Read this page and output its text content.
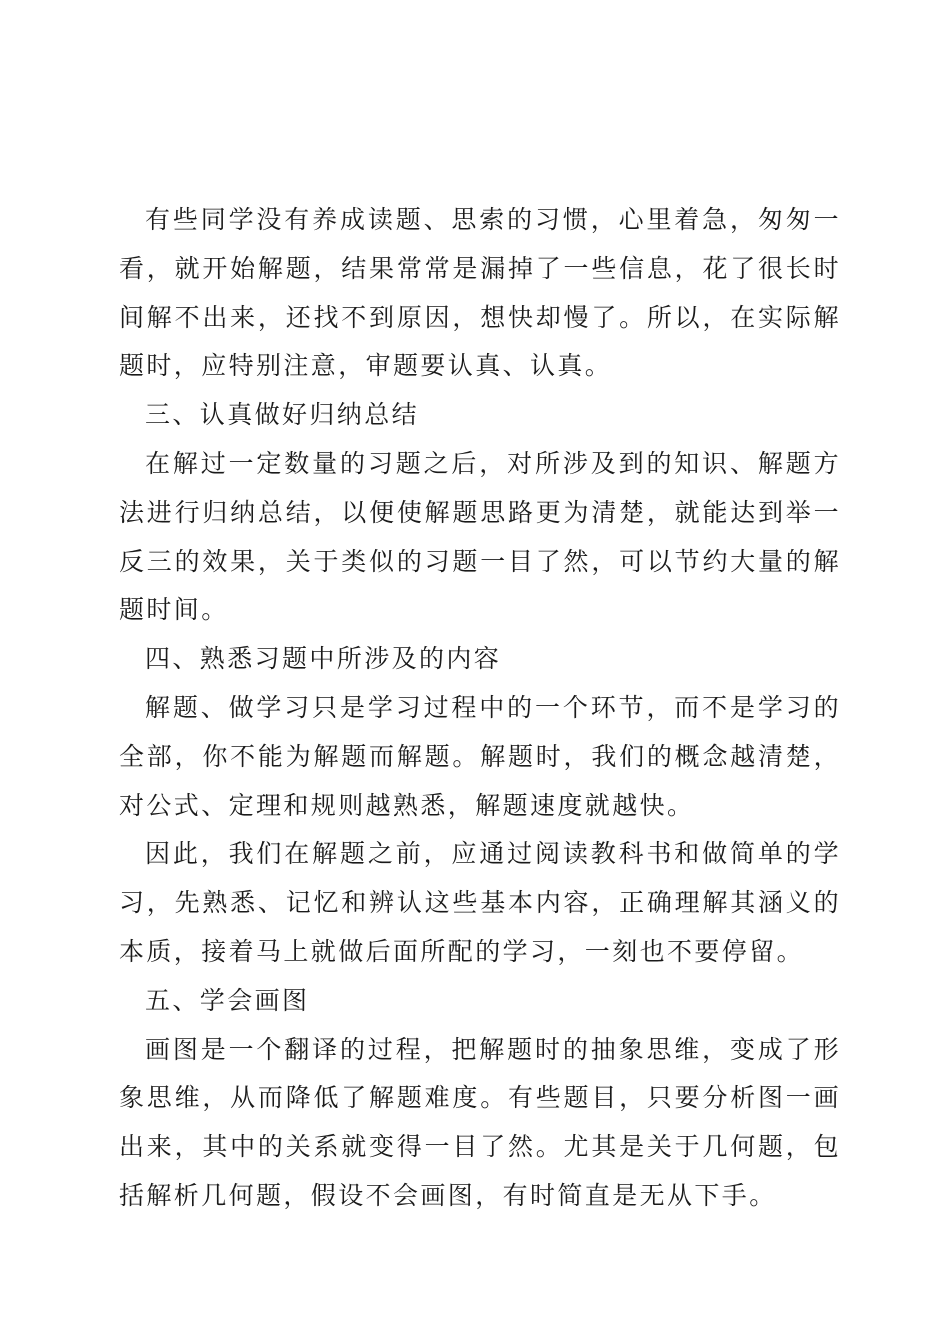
有些同学没有养成读题、思索的习惯，心里着急，匆匆一看，就开始解题，结果常常是漏掉了一些信息，花了很长时间解不出来，还找不到原因，想快却慢了。所以，在实际解题时，应特别注意，审题要认真、认真。

三、认真做好归纳总结

在解过一定数量的习题之后，对所涉及到的知识、解题方法进行归纳总结，以便使解题思路更为清楚，就能达到举一反三的效果，关于类似的习题一目了然，可以节约大量的解题时间。

四、熟悉习题中所涉及的内容

解题、做学习只是学习过程中的一个环节，而不是学习的全部，你不能为解题而解题。解题时，我们的概念越清楚，对公式、定理和规则越熟悉，解题速度就越快。

因此，我们在解题之前，应通过阅读教科书和做简单的学习，先熟悉、记忆和辨认这些基本内容，正确理解其涵义的本质，接着马上就做后面所配的学习，一刻也不要停留。

五、学会画图

画图是一个翻译的过程，把解题时的抽象思维，变成了形象思维，从而降低了解题难度。有些题目，只要分析图一画出来，其中的关系就变得一目了然。尤其是关于几何题，包括解析几何题，假设不会画图，有时简直是无从下手。
